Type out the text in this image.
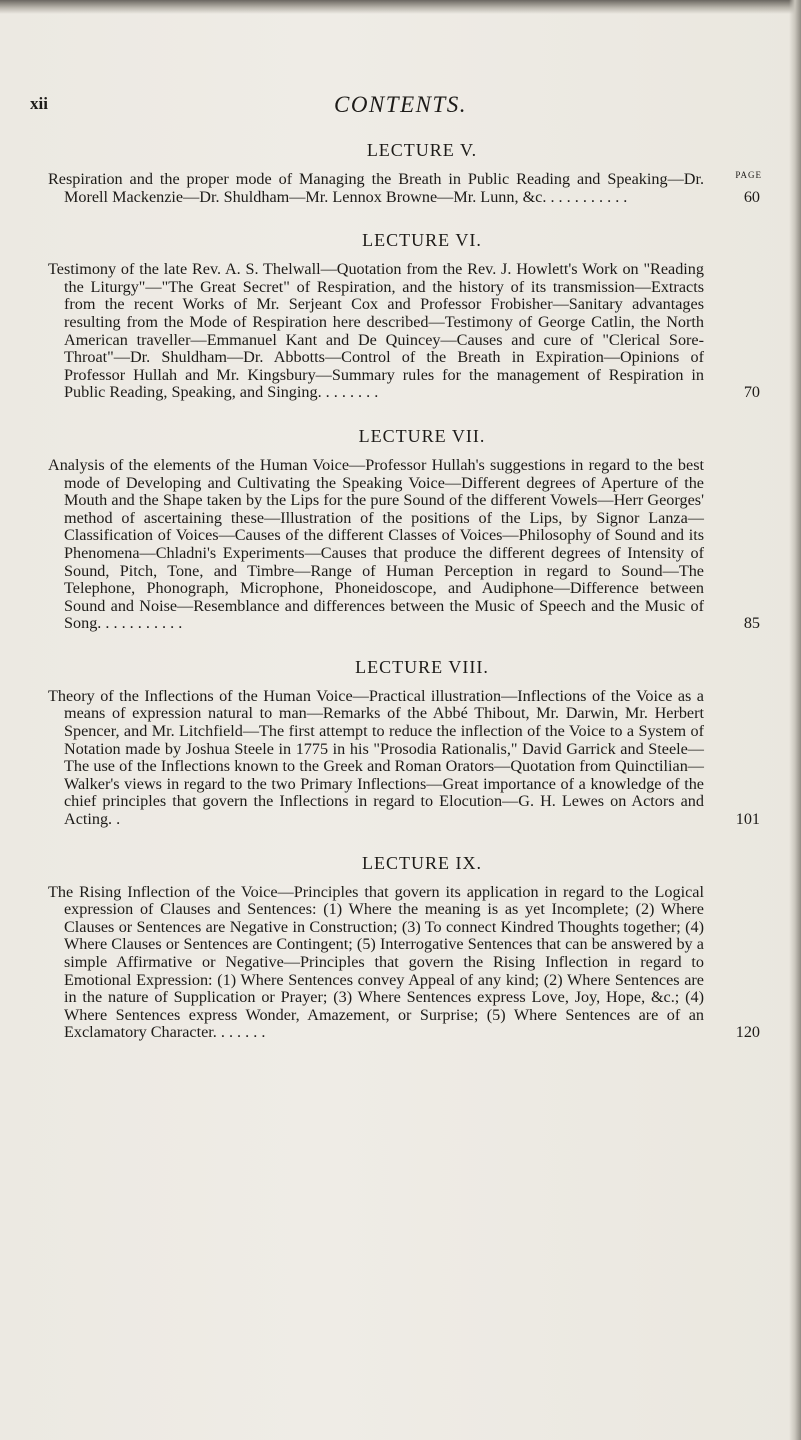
xii	CONTENTS.
LECTURE V.
PAGE
Respiration and the proper mode of Managing the Breath in Public Reading and Speaking—Dr. Morell Mackenzie—Dr. Shuldham—Mr. Lennox Browne—Mr. Lunn, &c. . . . . . . . . . .	60
LECTURE VI.
Testimony of the late Rev. A. S. Thelwall—Quotation from the Rev. J. Howlett's Work on "Reading the Liturgy"—"The Great Secret" of Respiration, and the history of its transmission—Extracts from the recent Works of Mr. Serjeant Cox and Professor Frobisher—Sanitary advantages resulting from the Mode of Respiration here described—Testimony of George Catlin, the North American traveller—Emmanuel Kant and De Quincey—Causes and cure of "Clerical Sore-Throat"—Dr. Shuldham—Dr. Abbotts—Control of the Breath in Expiration—Opinions of Professor Hullah and Mr. Kingsbury—Summary rules for the management of Respiration in Public Reading, Speaking, and Singing. . . . . . . .	70
LECTURE VII.
Analysis of the elements of the Human Voice—Professor Hullah's suggestions in regard to the best mode of Developing and Cultivating the Speaking Voice—Different degrees of Aperture of the Mouth and the Shape taken by the Lips for the pure Sound of the different Vowels—Herr Georges' method of ascertaining these—Illustration of the positions of the Lips, by Signor Lanza—Classification of Voices—Causes of the different Classes of Voices—Philosophy of Sound and its Phenomena—Chladni's Experiments—Causes that produce the different degrees of Intensity of Sound, Pitch, Tone, and Timbre—Range of Human Perception in regard to Sound—The Telephone, Phonograph, Microphone, Phoneidoscope, and Audiphone—Difference between Sound and Noise—Resemblance and differences between the Music of Speech and the Music of Song. . . . . . . . . . .	85
LECTURE VIII.
Theory of the Inflections of the Human Voice—Practical illustration—Inflections of the Voice as a means of expression natural to man—Remarks of the Abbé Thibout, Mr. Darwin, Mr. Herbert Spencer, and Mr. Litchfield—The first attempt to reduce the inflection of the Voice to a System of Notation made by Joshua Steele in 1775 in his "Prosodia Rationalis," David Garrick and Steele—The use of the Inflections known to the Greek and Roman Orators—Quotation from Quinctilian—Walker's views in regard to the two Primary Inflections—Great importance of a knowledge of the chief principles that govern the Inflections in regard to Elocution—G. H. Lewes on Actors and Acting. .	101
LECTURE IX.
The Rising Inflection of the Voice—Principles that govern its application in regard to the Logical expression of Clauses and Sentences: (1) Where the meaning is as yet Incomplete; (2) Where Clauses or Sentences are Negative in Construction; (3) To connect Kindred Thoughts together; (4) Where Clauses or Sentences are Contingent; (5) Interrogative Sentences that can be answered by a simple Affirmative or Negative—Principles that govern the Rising Inflection in regard to Emotional Expression: (1) Where Sentences convey Appeal of any kind; (2) Where Sentences are in the nature of Supplication or Prayer; (3) Where Sentences express Love, Joy, Hope, &c.; (4) Where Sentences express Wonder, Amazement, or Surprise; (5) Where Sentences are of an Exclamatory Character. . . . . . .	120
